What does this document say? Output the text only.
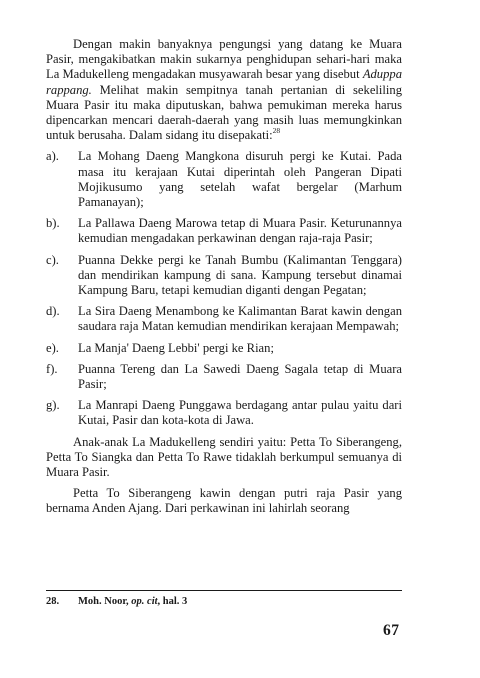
Dengan makin banyaknya pengungsi yang datang ke Muara Pasir, mengakibatkan makin sukarnya penghidupan sehari-hari maka La Madukelleng mengadakan musyawarah besar yang disebut Aduppa rappang. Melihat makin sempitnya tanah pertanian di sekeliling Muara Pasir itu maka diputuskan, bahwa pemukiman mereka harus dipencarkan mencari daerah-daerah yang masih luas memungkinkan untuk berusaha. Dalam sidang itu disepakati:$^{28}$

a).	La Mohang Daeng Mangkona disuruh pergi ke Kutai. Pada masa itu kerajaan Kutai diperintah oleh Pangeran Dipati Mojikusumo yang setelah wafat bergelar (Marhum Pamanayan);
b).	La Pallawa Daeng Marowa tetap di Muara Pasir. Keturunannya kemudian mengadakan perkawinan dengan raja-raja Pasir;
c).	Puanna Dekke pergi ke Tanah Bumbu (Kalimantan Tenggara) dan mendirikan kampung di sana. Kampung tersebut dinamai Kampung Baru, tetapi kemudian diganti dengan Pegatan;
d).	La Sira Daeng Menambong ke Kalimantan Barat kawin dengan saudara raja Matan kemudian mendirikan kerajaan Mempawah;
e).	La Manja' Daeng Lebbi' pergi ke Rian;
f).	Puanna Tereng dan La Sawedi Daeng Sagala tetap di Muara Pasir;
g).	La Manrapi Daeng Punggawa berdagang antar pulau yaitu dari Kutai, Pasir dan kota-kota di Jawa.

Anak-anak La Madukelleng sendiri yaitu: Petta To Siberangeng, Petta To Siangka dan Petta To Rawe tidaklah berkumpul semuanya di Muara Pasir.

Petta To Siberangeng kawin dengan putri raja Pasir yang bernama Anden Ajang. Dari perkawinan ini lahirlah seorang

28. Moh. Noor, op. cit, hal. 3
67
